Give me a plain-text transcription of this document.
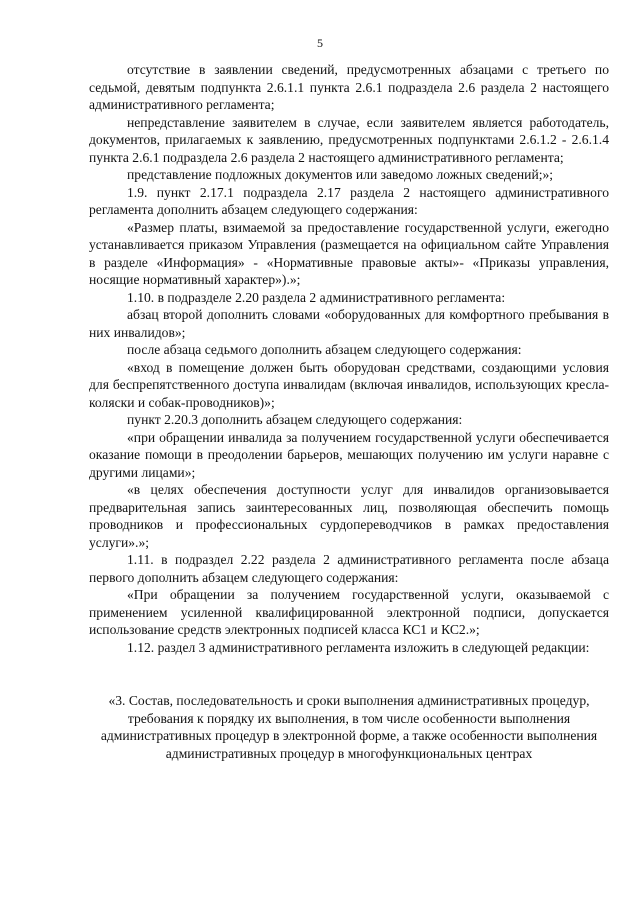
5

отсутствие в заявлении сведений, предусмотренных абзацами с третьего по седьмой, девятым подпункта 2.6.1.1 пункта 2.6.1 подраздела 2.6 раздела 2 настоящего административного регламента;

непредставление заявителем в случае, если заявителем является работодатель, документов, прилагаемых к заявлению, предусмотренных подпунктами 2.6.1.2 - 2.6.1.4 пункта 2.6.1 подраздела 2.6 раздела 2 настоящего административного регламента;

представление подложных документов или заведомо ложных сведений;»;

1.9. пункт 2.17.1 подраздела 2.17 раздела 2 настоящего административного регламента дополнить абзацем следующего содержания:

«Размер платы, взимаемой за предоставление государственной услуги, ежегодно устанавливается приказом Управления (размещается на официальном сайте Управления в разделе «Информация» - «Нормативные правовые акты»- «Приказы управления, носящие нормативный характер»).»;

1.10. в подразделе 2.20 раздела 2 административного регламента:

абзац второй дополнить словами «оборудованных для комфортного пребывания в них инвалидов»;

после абзаца седьмого дополнить абзацем следующего содержания:

«вход в помещение должен быть оборудован средствами, создающими условия для беспрепятственного доступа инвалидам (включая инвалидов, использующих кресла-коляски и собак-проводников)»;

пункт 2.20.3 дополнить абзацем следующего содержания:

«при обращении инвалида за получением государственной услуги обеспечивается оказание помощи в преодолении барьеров, мешающих получению им услуги наравне с другими лицами»;

«в целях обеспечения доступности услуг для инвалидов организовывается предварительная запись заинтересованных лиц, позволяющая обеспечить помощь проводников и профессиональных сурдопереводчиков в рамках предоставления услуги».»;

1.11. в подраздел 2.22 раздела 2 административного регламента после абзаца первого дополнить абзацем следующего содержания:

«При обращении за получением государственной услуги, оказываемой с применением усиленной квалифицированной электронной подписи, допускается использование средств электронных подписей класса КС1 и КС2.»;

1.12. раздел 3 административного регламента изложить в следующей редакции:

«3. Состав, последовательность и сроки выполнения административных процедур, требования к порядку их выполнения, в том числе особенности выполнения административных процедур в электронной форме, а также особенности выполнения административных процедур в многофункциональных центрах
